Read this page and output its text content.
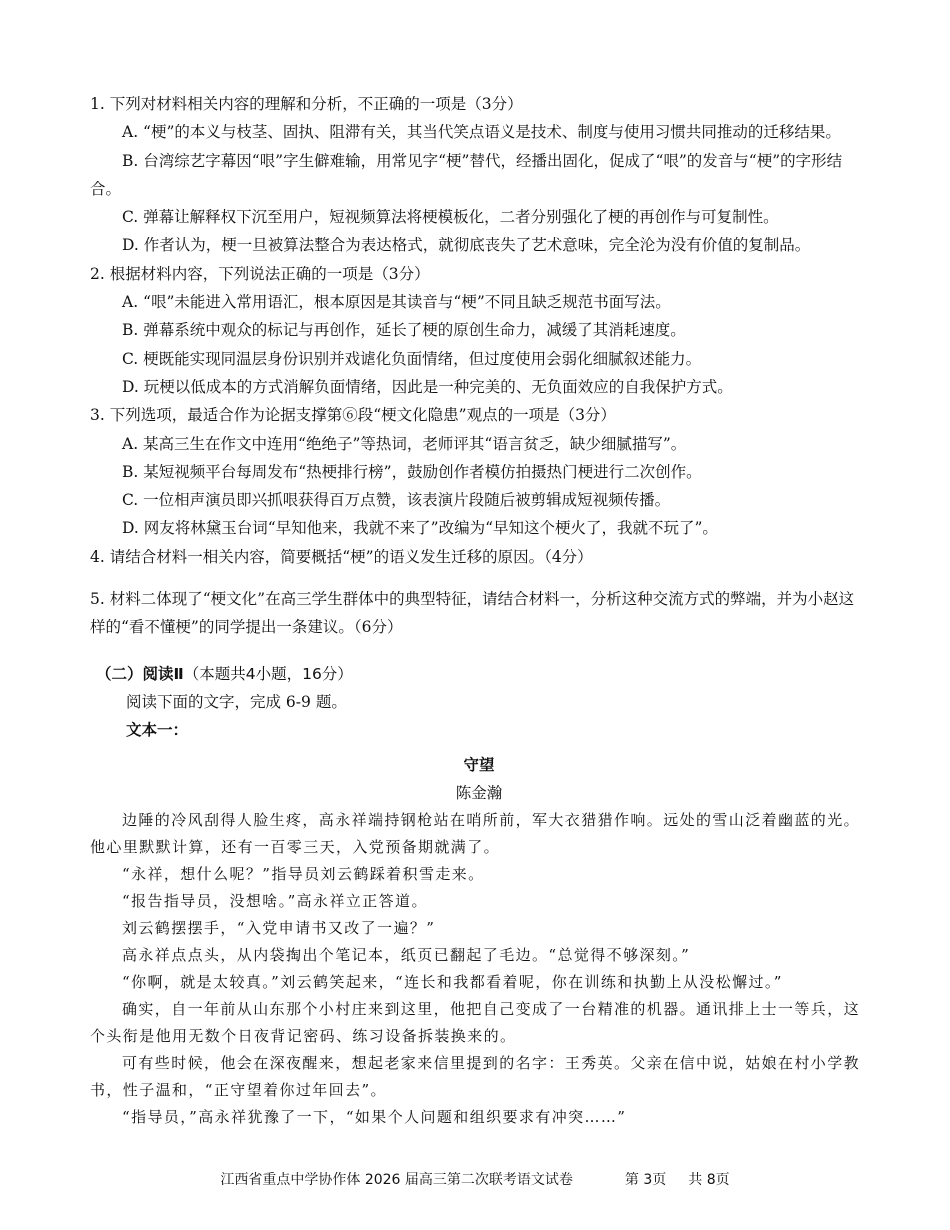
1. 下列对材料相关内容的理解和分析，不正确的一项是（3分）

A. “梗”的本义与枝茎、固执、阻滞有关，其当代笑点语义是技术、制度与使用习惯共同推动的迁移结果。

B. 台湾综艺字幕因“哏”字生僻难输，用常见字“梗”替代，经播出固化，促成了“哏”的发音与“梗”的字形结合。

C. 弹幕让解释权下沉至用户，短视频算法将梗模板化，二者分别强化了梗的再创作与可复制性。

D. 作者认为，梗一旦被算法整合为表达格式，就彻底丧失了艺术意味，完全沦为没有价值的复制品。

2. 根据材料内容，下列说法正确的一项是（3分）

A. “哏”未能进入常用语汇，根本原因是其读音与“梗”不同且缺乏规范书面写法。

B. 弹幕系统中观众的标记与再创作，延长了梗的原创生命力，减缓了其消耗速度。

C. 梗既能实现同温层身份识别并戏谑化负面情绪，但过度使用会弱化细腻叙述能力。

D. 玩梗以低成本的方式消解负面情绪，因此是一种完美的、无负面效应的自我保护方式。

3. 下列选项，最适合作为论据支撑第⑥段“梗文化隐患”观点的一项是（3分）

A. 某高三生在作文中连用“绝绝子”等热词，老师评其“语言贫乏，缺少细腻描写”。

B. 某短视频平台每周发布“热梗排行榜”，鼓励创作者模仿拍摄热门梗进行二次创作。

C. 一位相声演员即兴抓哏获得百万点赞，该表演片段随后被剪辑成短视频传播。

D. 网友将林黛玉台词“早知他来，我就不来了”改编为“早知这个梗火了，我就不玩了”。

4. 请结合材料一相关内容，简要概括“梗”的语义发生迁移的原因。（4分）

5. 材料二体现了“梗文化”在高三学生群体中的典型特征，请结合材料一，分析这种交流方式的弊端，并为小赵这样的“看不懂梗”的同学提出一条建议。（6分）

（二）阅读Ⅱ（本题共4小题，16分）

阅读下面的文字，完成 6-9 题。

文本一：

守望

陈金瀚

边陲的冷风刮得人脸生疼，高永祥端持钢枪站在哨所前，军大衣猎猎作响。远处的雪山泛着幽蓝的光。他心里默默计算，还有一百零三天，入党预备期就满了。

“永祥，想什么呢？”指导员刘云鹤踩着积雪走来。

“报告指导员，没想啥。”高永祥立正答道。

刘云鹤摆摆手，“入党申请书又改了一遍？”

高永祥点点头，从内袋掏出个笔记本，纸页已翻起了毛边。“总觉得不够深刻。”

“你啊，就是太较真。”刘云鹤笑起来，“连长和我都看着呢，你在训练和执勤上从没松懈过。”

确实，自一年前从山东那个小村庄来到这里，他把自己变成了一台精准的机器。通讯排上士一等兵，这个头衔是他用无数个日夜背记密码、练习设备拆装换来的。

可有些时候，他会在深夜醒来，想起老家来信里提到的名字：王秀英。父亲在信中说，姑娘在村小学教书，性子温和，“正守望着你过年回去”。

“指导员，”高永祥犹豫了一下，“如果个人问题和组织要求有冲突……”

江西省重点中学协作体 2026 届高三第二次联考语文试卷	第 3页 共 8页
